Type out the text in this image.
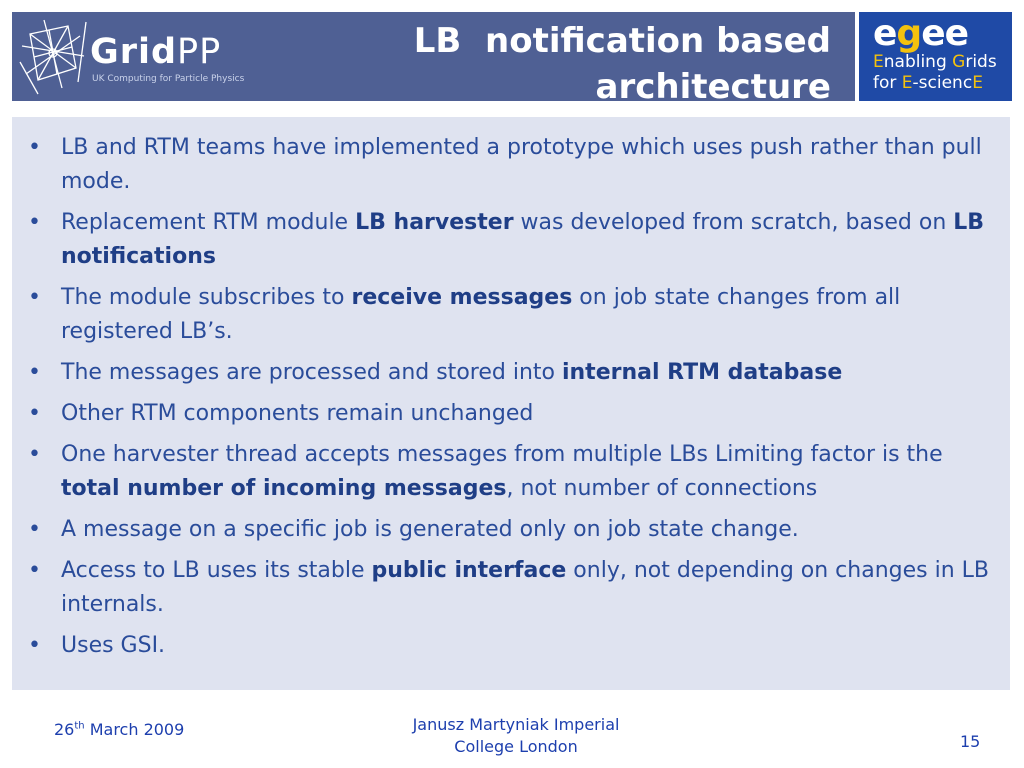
GridPP
UK Computing for Particle Physics
LB  notification based
architecture
egee
Enabling Grids
for E-sciencE
• LB and RTM teams have implemented a prototype which uses push rather than pull mode.
• Replacement RTM module LB harvester was developed from scratch, based on LB notifications
• The module subscribes to receive messages on job state changes from all registered LB’s.
• The messages are processed and stored into internal RTM database
• Other RTM components remain unchanged
• One harvester thread accepts messages from multiple LBs Limiting factor is the total number of incoming messages, not number of connections
• A message on a specific job is generated only on job state change.
• Access to LB uses its stable public interface only, not depending on changes in LB  internals.
• Uses GSI.
26th March 2009	Janusz Martyniak Imperial
College London	15
